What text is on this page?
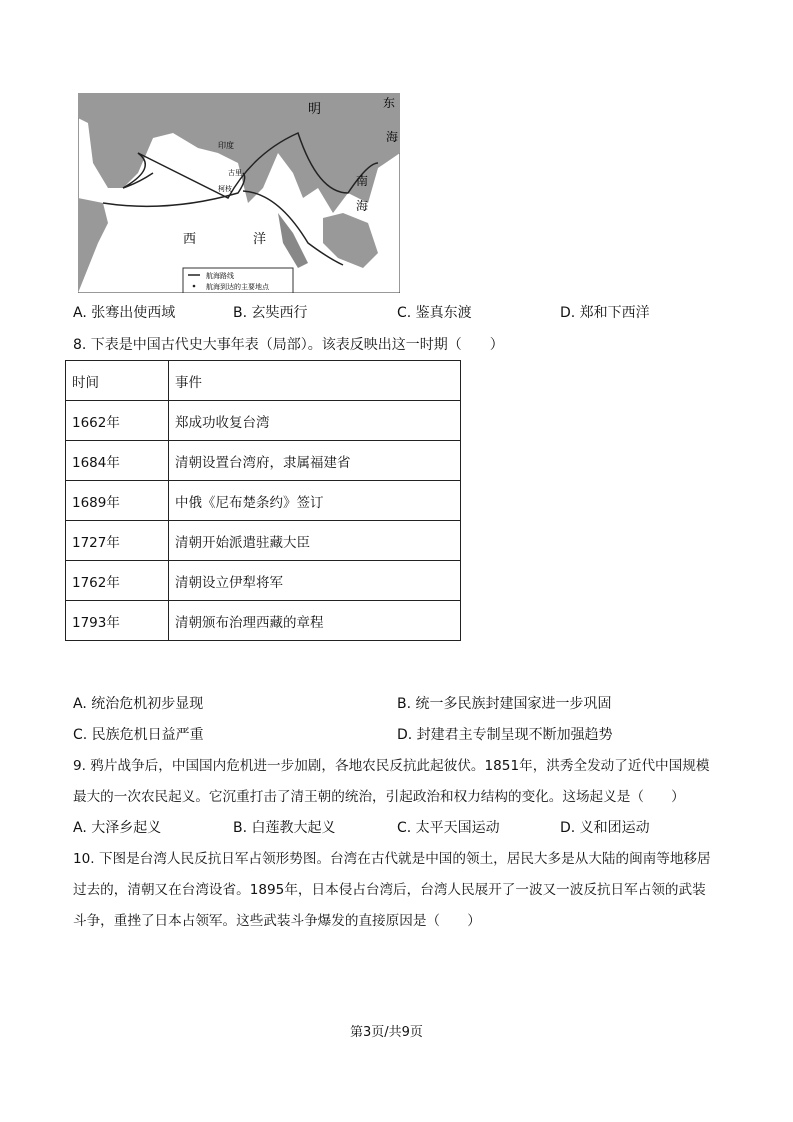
明	东
海
南
海
印度
西	洋
柯枝
古里
航海路线
航海到达的主要地点
A. 张骞出使西域	B. 玄奘西行	C. 鉴真东渡	D. 郑和下西洋
8. 下表是中国古代史大事年表（局部）。该表反映出这一时期（　　）
时间	事件
1662年	郑成功收复台湾
1684年	清朝设置台湾府，隶属福建省
1689年	中俄《尼布楚条约》签订
1727年	清朝开始派遣驻藏大臣
1762年	清朝设立伊犁将军
1793年	清朝颁布治理西藏的章程
A. 统治危机初步显现	B. 统一多民族封建国家进一步巩固
C. 民族危机日益严重	D. 封建君主专制呈现不断加强趋势
9. 鸦片战争后，中国国内危机进一步加剧，各地农民反抗此起彼伏。1851年，洪秀全发动了近代中国规模
最大的一次农民起义。它沉重打击了清王朝的统治，引起政治和权力结构的变化。这场起义是（　　）
A. 大泽乡起义	B. 白莲教大起义	C. 太平天国运动	D. 义和团运动
10. 下图是台湾人民反抗日军占领形势图。台湾在古代就是中国的领土，居民大多是从大陆的闽南等地移居
过去的，清朝又在台湾设省。1895年，日本侵占台湾后，台湾人民展开了一波又一波反抗日军占领的武装
斗争，重挫了日本占领军。这些武装斗争爆发的直接原因是（　　）
第3页/共9页
